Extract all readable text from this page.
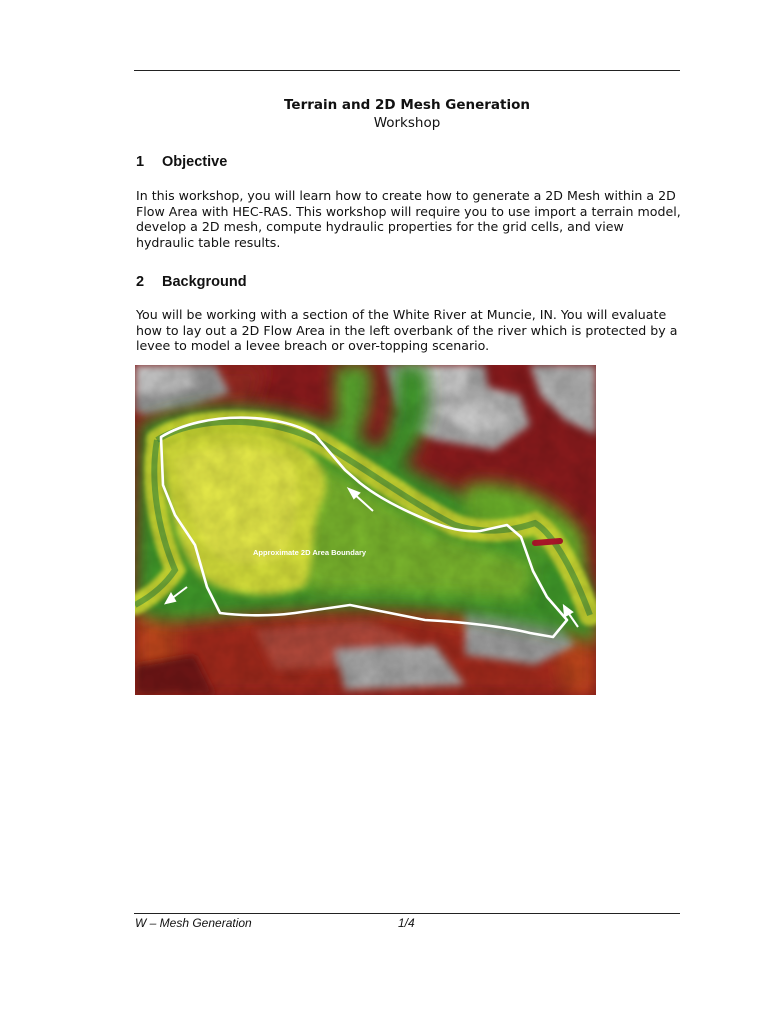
Terrain and 2D Mesh Generation
Workshop
1 Objective

In this workshop, you will learn how to create how to generate a 2D Mesh within a 2D Flow Area with HEC-RAS. This workshop will require you to use import a terrain model, develop a 2D mesh, compute hydraulic properties for the grid cells, and view hydraulic table results.

2 Background

You will be working with a section of the White River at Muncie, IN. You will evaluate how to lay out a 2D Flow Area in the left overbank of the river which is protected by a levee to model a levee breach or over-topping scenario.

Approximate 2D Area Boundary
W – Mesh Generation	1/4
